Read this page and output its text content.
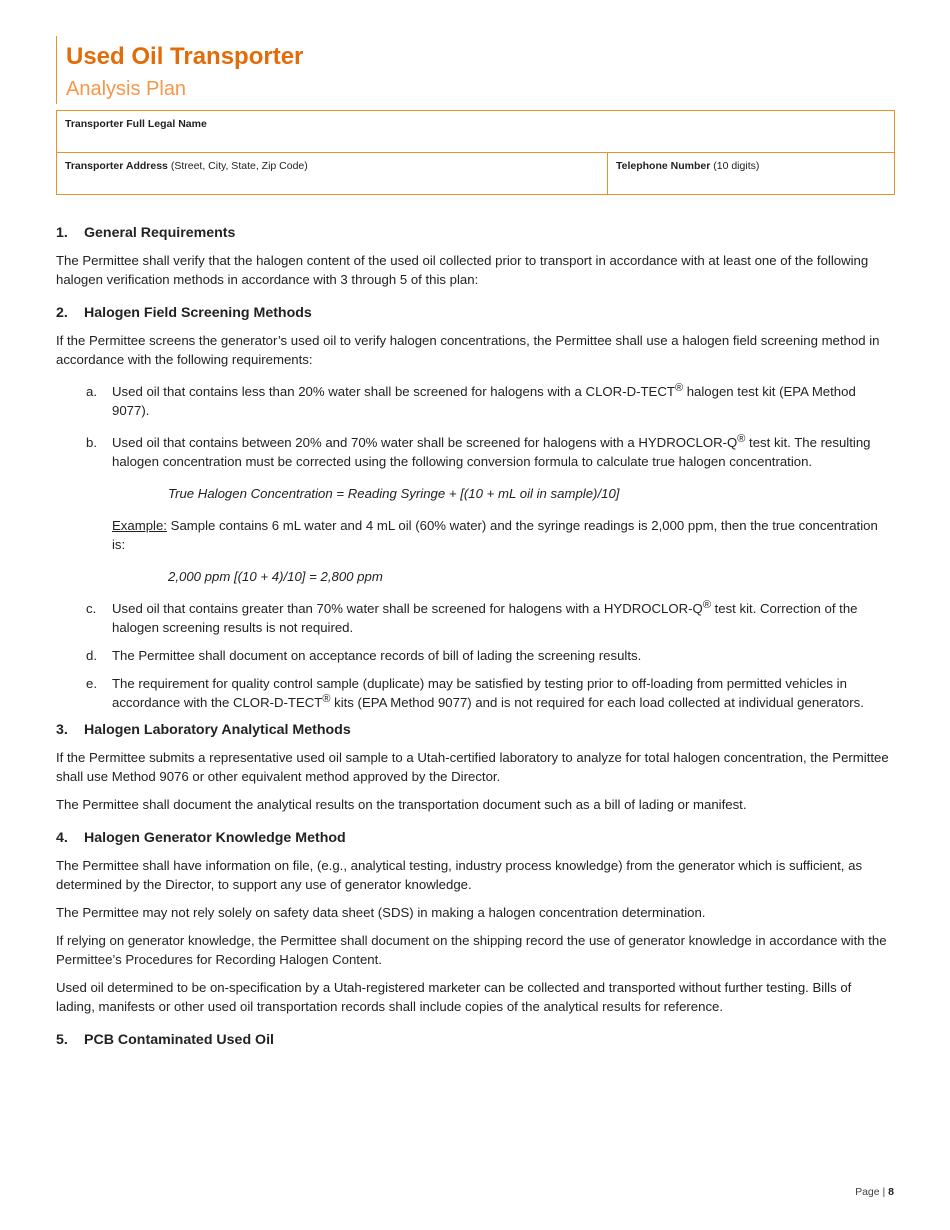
Used Oil Transporter
Analysis Plan
Transporter Full Legal Name
Transporter Address (Street, City, State, Zip Code)	Telephone Number (10 digits)
1.	General Requirements

The Permittee shall verify that the halogen content of the used oil collected prior to transport in accordance with at least one of the following halogen verification methods in accordance with 3 through 5 of this plan:

2.	Halogen Field Screening Methods

If the Permittee screens the generator’s used oil to verify halogen concentrations, the Permittee shall use a halogen field screening method in accordance with the following requirements:

a.	Used oil that contains less than 20% water shall be screened for halogens with a CLOR-D-TECT® halogen test kit (EPA Method 9077).
b.	Used oil that contains between 20% and 70% water shall be screened for halogens with a HYDROCLOR-Q® test kit. The resulting halogen concentration must be corrected using the following conversion formula to calculate true halogen concentration.

True Halogen Concentration = Reading Syringe + [(10 + mL oil in sample)/10]

Example: Sample contains 6 mL water and 4 mL oil (60% water) and the syringe readings is 2,000 ppm, then the true concentration is:

2,000 ppm [(10 + 4)/10] = 2,800 ppm

c.	Used oil that contains greater than 70% water shall be screened for halogens with a HYDROCLOR-Q® test kit. Correction of the halogen screening results is not required.
d.	The Permittee shall document on acceptance records of bill of lading the screening results.
e.	The requirement for quality control sample (duplicate) may be satisfied by testing prior to off-loading from permitted vehicles in accordance with the CLOR-D-TECT® kits (EPA Method 9077) and is not required for each load collected at individual generators.
3.	Halogen Laboratory Analytical Methods

If the Permittee submits a representative used oil sample to a Utah-certified laboratory to analyze for total halogen concentration, the Permittee shall use Method 9076 or other equivalent method approved by the Director.

The Permittee shall document the analytical results on the transportation document such as a bill of lading or manifest.

4.	Halogen Generator Knowledge Method

The Permittee shall have information on file, (e.g., analytical testing, industry process knowledge) from the generator which is sufficient, as determined by the Director, to support any use of generator knowledge.

The Permittee may not rely solely on safety data sheet (SDS) in making a halogen concentration determination.

If relying on generator knowledge, the Permittee shall document on the shipping record the use of generator knowledge in accordance with the Permittee’s Procedures for Recording Halogen Content.

Used oil determined to be on-specification by a Utah-registered marketer can be collected and transported without further testing. Bills of lading, manifests or other used oil transportation records shall include copies of the analytical results for reference.

5.	PCB Contaminated Used Oil
Page | 8
